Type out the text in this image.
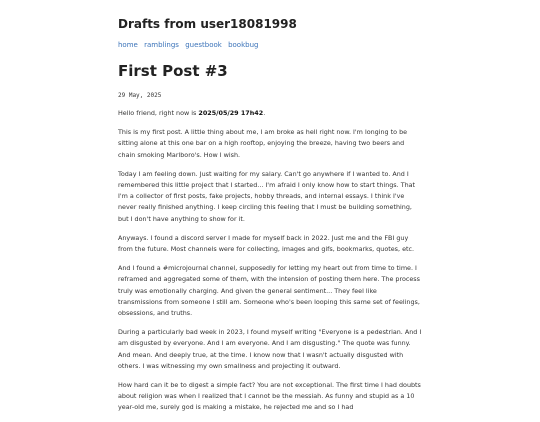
Drafts from user18081998
home ramblings guestbook bookbug
First Post #3
29 May, 2025

Hello friend, right now is 2025/05/29 17h42.

This is my first post. A little thing about me, I am broke as hell right now. I'm longing to be sitting alone at this one bar on a high rooftop, enjoying the breeze, having two beers and chain smoking Marlboro's. How I wish.

Today I am feeling down. Just waiting for my salary. Can't go anywhere if I wanted to. And I remembered this little project that I started... I'm afraid I only know how to start things. That I'm a collector of first posts, fake projects, hobby threads, and internal essays. I think I've never really finished anything. I keep circling this feeling that I must be building something, but I don't have anything to show for it.

Anyways. I found a discord server I made for myself back in 2022. Just me and the FBI guy from the future. Most channels were for collecting, images and gifs, bookmarks, quotes, etc.

And I found a #microjournal channel, supposedly for letting my heart out from time to time. I reframed and aggregated some of them, with the intension of posting them here. The process truly was emotionally charging. And given the general sentiment... They feel like transmissions from someone I still am. Someone who's been looping this same set of feelings, obsessions, and truths.

During a particularly bad week in 2023, I found myself writing "Everyone is a pedestrian. And I am disgusted by everyone. And I am everyone. And I am disgusting." The quote was funny. And mean. And deeply true, at the time. I know now that I wasn't actually disgusted with others. I was witnessing my own smallness and projecting it outward.

How hard can it be to digest a simple fact? You are not exceptional. The first time I had doubts about religion was when I realized that I cannot be the messiah. As funny and stupid as a 10 year-old me, surely god is making a mistake, he rejected me and so I had
